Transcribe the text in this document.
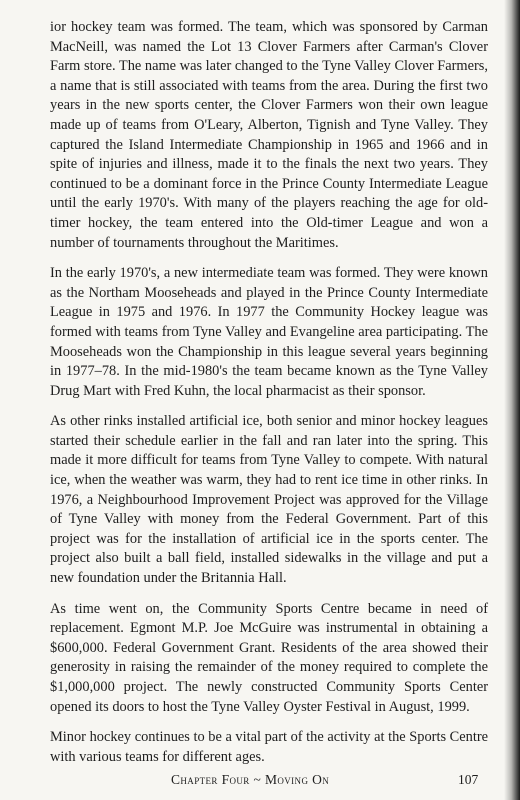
ior hockey team was formed. The team, which was sponsored by Carman MacNeill, was named the Lot 13 Clover Farmers after Carman's Clover Farm store. The name was later changed to the Tyne Valley Clover Farmers, a name that is still associated with teams from the area. During the first two years in the new sports center, the Clover Farmers won their own league made up of teams from O'Leary, Alberton, Tignish and Tyne Valley. They captured the Island Intermediate Championship in 1965 and 1966 and in spite of injuries and illness, made it to the finals the next two years. They continued to be a dominant force in the Prince County Intermediate League until the early 1970's. With many of the players reaching the age for old-timer hockey, the team entered into the Old-timer League and won a number of tournaments throughout the Maritimes.

In the early 1970's, a new intermediate team was formed. They were known as the Northam Mooseheads and played in the Prince County Intermediate League in 1975 and 1976. In 1977 the Community Hockey league was formed with teams from Tyne Valley and Evangeline area participating. The Mooseheads won the Championship in this league several years beginning in 1977–78. In the mid-1980's the team became known as the Tyne Valley Drug Mart with Fred Kuhn, the local pharmacist as their sponsor.

As other rinks installed artificial ice, both senior and minor hockey leagues started their schedule earlier in the fall and ran later into the spring. This made it more difficult for teams from Tyne Valley to compete. With natural ice, when the weather was warm, they had to rent ice time in other rinks. In 1976, a Neighbourhood Improvement Project was approved for the Village of Tyne Valley with money from the Federal Government. Part of this project was for the installation of artificial ice in the sports center. The project also built a ball field, installed sidewalks in the village and put a new foundation under the Britannia Hall.

As time went on, the Community Sports Centre became in need of replacement. Egmont M.P. Joe McGuire was instrumental in obtaining a $600,000. Federal Government Grant. Residents of the area showed their generosity in raising the remainder of the money required to complete the $1,000,000 project. The newly constructed Community Sports Center opened its doors to host the Tyne Valley Oyster Festival in August, 1999.

Minor hockey continues to be a vital part of the activity at the Sports Centre with various teams for different ages.

Chapter Four ~ Moving On	107
